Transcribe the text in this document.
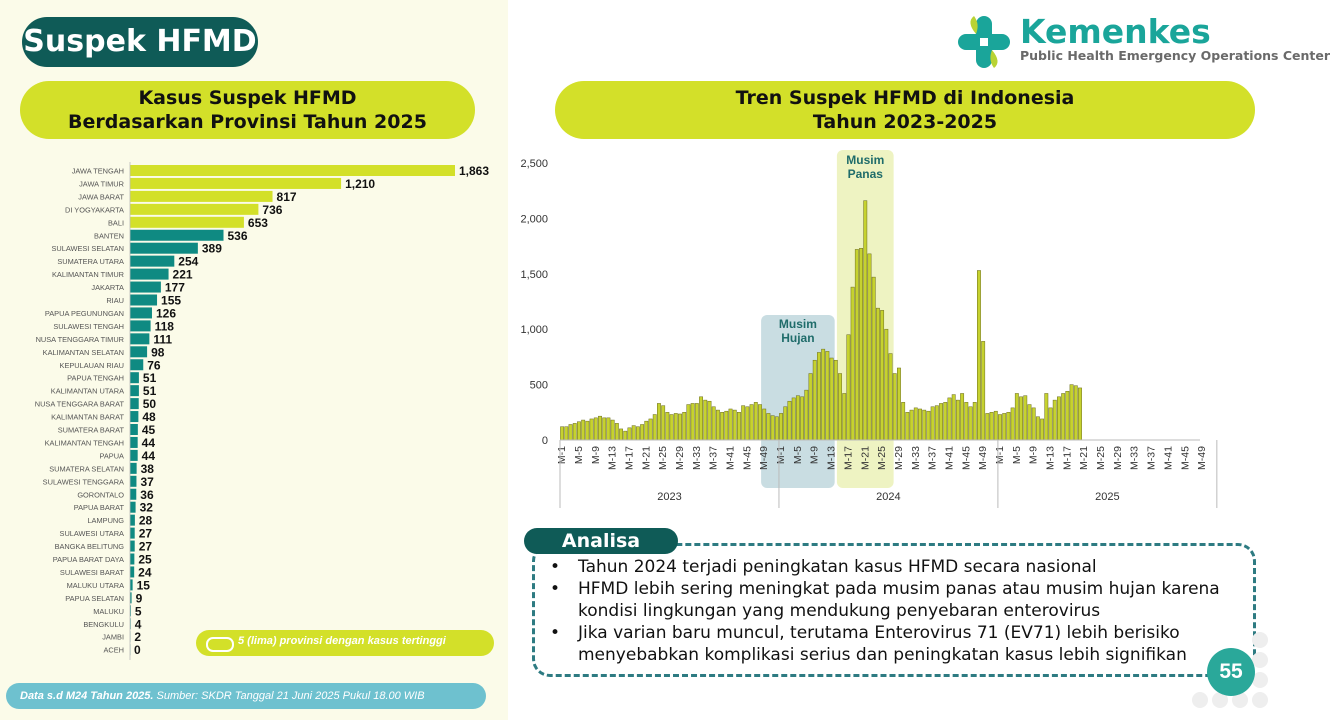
Suspek HFMD
Kasus Suspek HFMD
Berdasarkan Provinsi Tahun 2025
Tren Suspek HFMD di Indonesia
Tahun 2023-2025
Kemenkes
Public Health Emergency Operations Center
JAWA TENGAH	1,863
JAWA TIMUR	1,210
JAWA BARAT	817
DI YOGYAKARTA	736
BALI	653
BANTEN	536
SULAWESI SELATAN	389
SUMATERA UTARA	254
KALIMANTAN TIMUR	221
JAKARTA	177
RIAU	155
PAPUA PEGUNUNGAN	126
SULAWESI TENGAH	118
NUSA TENGGARA TIMUR 111
KALIMANTAN SELATAN 98
KEPULAUAN RIAU 76
PAPUA TENGAH 51
KALIMANTAN UTARA 51
NUSA TENGGARA BARAT 50
KALIMANTAN BARAT 48
SUMATERA BARAT 45
KALIMANTAN TENGAH 44
PAPUA 44
SUMATERA SELATAN 38
SULAWESI TENGGARA 37
GORONTALO 36
PAPUA BARAT 32
LAMPUNG 28
SULAWESI UTARA 27
BANGKA BELITUNG 27
PAPUA BARAT DAYA 25
SULAWESI BARAT 24
MALUKU UTARA 15
PAPUA SELATAN 9
MALUKU 5
BENGKULU 4
JAMBI 2
ACEH 0
5 (lima) provinsi dengan kasus tertinggi
Musim
Hujan
Musim
Panas
0
500
1,000
1,500
2,000
2,500
M-1 M-5 M-9 M-13 M-17 M-21 M-25 M-29 M-33 M-37 M-41 M-45 M-49
2023
M-1 M-5 M-9 M-13 M-17 M-21 M-25 M-29 M-33 M-37 M-41 M-45 M-49
2024
M-1 M-5 M-9 M-13 M-17 M-21 M-25 M-29 M-33 M-37 M-41 M-45 M-49
2025
Data s.d M24 Tahun 2025. Sumber: SKDR Tanggal 21 Juni 2025 Pukul 18.00 WIB
Analisa
• Tahun 2024 terjadi peningkatan kasus HFMD secara nasional
• HFMD lebih sering meningkat pada musim panas atau musim hujan karena kondisi lingkungan yang mendukung penyebaran enterovirus
• Jika varian baru muncul, terutama Enterovirus 71 (EV71) lebih berisiko menyebabkan komplikasi serius dan peningkatan kasus lebih signifikan
55
